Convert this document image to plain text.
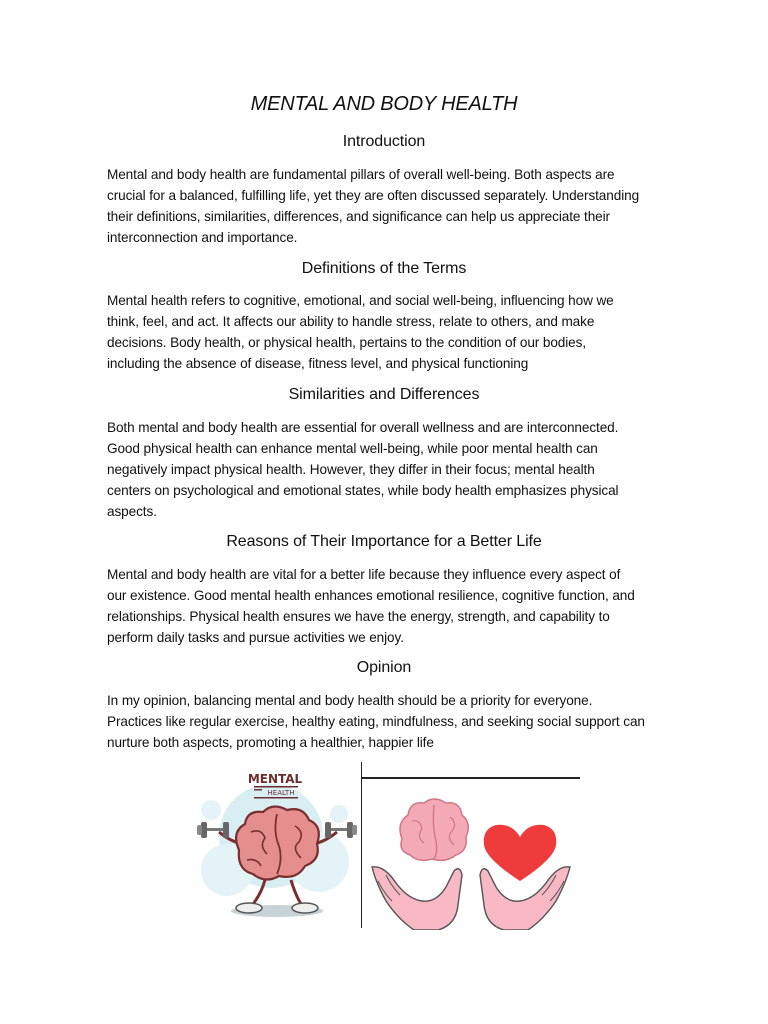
MENTAL AND BODY HEALTH
Introduction

Mental and body health are fundamental pillars of overall well-being. Both aspects are
crucial for a balanced, fulfilling life, yet they are often discussed separately. Understanding
their definitions, similarities, differences, and significance can help us appreciate their
interconnection and importance.

Definitions of the Terms

Mental health refers to cognitive, emotional, and social well-being, influencing how we
think, feel, and act. It affects our ability to handle stress, relate to others, and make
decisions. Body health, or physical health, pertains to the condition of our bodies,
including the absence of disease, fitness level, and physical functioning

Similarities and Differences

Both mental and body health are essential for overall wellness and are interconnected.
Good physical health can enhance mental well-being, while poor mental health can
negatively impact physical health. However, they differ in their focus; mental health
centers on psychological and emotional states, while body health emphasizes physical
aspects.

Reasons of Their Importance for a Better Life

Mental and body health are vital for a better life because they influence every aspect of
our existence. Good mental health enhances emotional resilience, cognitive function, and
relationships. Physical health ensures we have the energy, strength, and capability to
perform daily tasks and pursue activities we enjoy.

Opinion

In my opinion, balancing mental and body health should be a priority for everyone.
Practices like regular exercise, healthy eating, mindfulness, and seeking social support can
nurture both aspects, promoting a healthier, happier life

MENTAL
HEALTH
